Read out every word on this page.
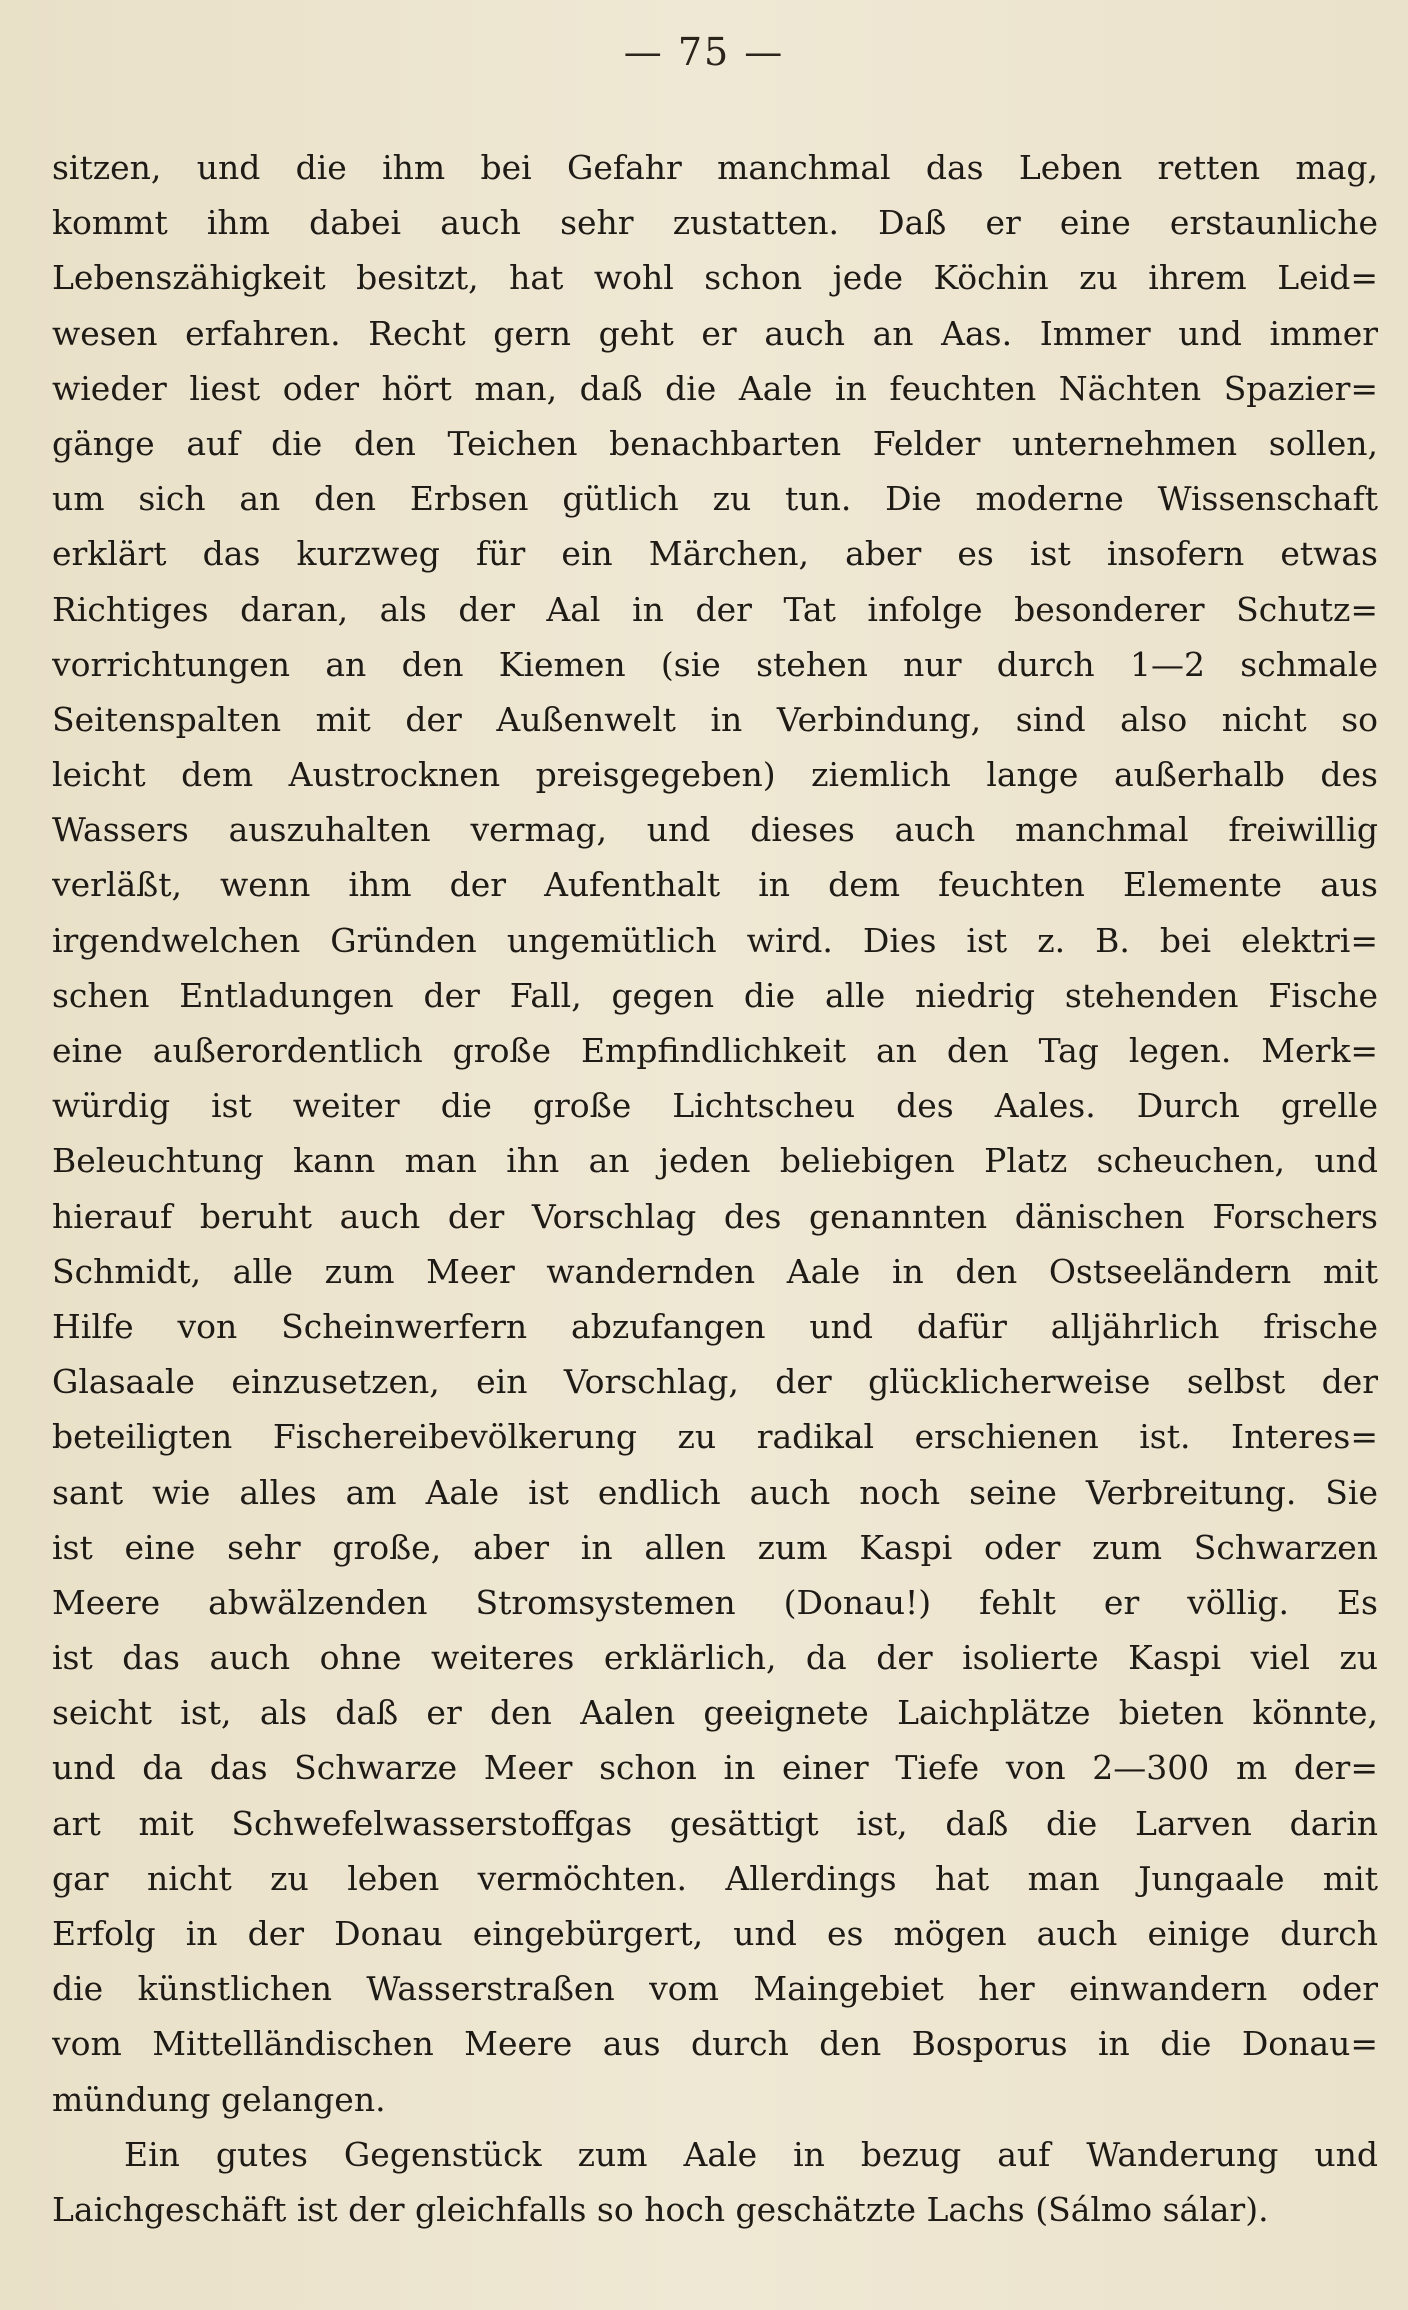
— 75 —
sitzen, und die ihm bei Gefahr manchmal das Leben retten mag,
kommt ihm dabei auch sehr zustatten. Daß er eine erstaunliche
Lebenszähigkeit besitzt, hat wohl schon jede Köchin zu ihrem Leid=
wesen erfahren. Recht gern geht er auch an Aas. Immer und immer
wieder liest oder hört man, daß die Aale in feuchten Nächten Spazier=
gänge auf die den Teichen benachbarten Felder unternehmen sollen,
um sich an den Erbsen gütlich zu tun. Die moderne Wissenschaft
erklärt das kurzweg für ein Märchen, aber es ist insofern etwas
Richtiges daran, als der Aal in der Tat infolge besonderer Schutz=
vorrichtungen an den Kiemen (sie stehen nur durch 1—2 schmale
Seitenspalten mit der Außenwelt in Verbindung, sind also nicht so
leicht dem Austrocknen preisgegeben) ziemlich lange außerhalb des
Wassers auszuhalten vermag, und dieses auch manchmal freiwillig
verläßt, wenn ihm der Aufenthalt in dem feuchten Elemente aus
irgendwelchen Gründen ungemütlich wird. Dies ist z. B. bei elektri=
schen Entladungen der Fall, gegen die alle niedrig stehenden Fische
eine außerordentlich große Empfindlichkeit an den Tag legen. Merk=
würdig ist weiter die große Lichtscheu des Aales. Durch grelle
Beleuchtung kann man ihn an jeden beliebigen Platz scheuchen, und
hierauf beruht auch der Vorschlag des genannten dänischen Forschers
Schmidt, alle zum Meer wandernden Aale in den Ostseeländern mit
Hilfe von Scheinwerfern abzufangen und dafür alljährlich frische
Glasaale einzusetzen, ein Vorschlag, der glücklicherweise selbst der
beteiligten Fischereibevölkerung zu radikal erschienen ist. Interes=
sant wie alles am Aale ist endlich auch noch seine Verbreitung. Sie
ist eine sehr große, aber in allen zum Kaspi oder zum Schwarzen
Meere abwälzenden Stromsystemen (Donau!) fehlt er völlig. Es
ist das auch ohne weiteres erklärlich, da der isolierte Kaspi viel zu
seicht ist, als daß er den Aalen geeignete Laichplätze bieten könnte,
und da das Schwarze Meer schon in einer Tiefe von 2—300 m der=
art mit Schwefelwasserstoffgas gesättigt ist, daß die Larven darin
gar nicht zu leben vermöchten. Allerdings hat man Jungaale mit
Erfolg in der Donau eingebürgert, und es mögen auch einige durch
die künstlichen Wasserstraßen vom Maingebiet her einwandern oder
vom Mittelländischen Meere aus durch den Bosporus in die Donau=
mündung gelangen.
Ein gutes Gegenstück zum Aale in bezug auf Wanderung und
Laichgeschäft ist der gleichfalls so hoch geschätzte Lachs (Sálmo sálar).
